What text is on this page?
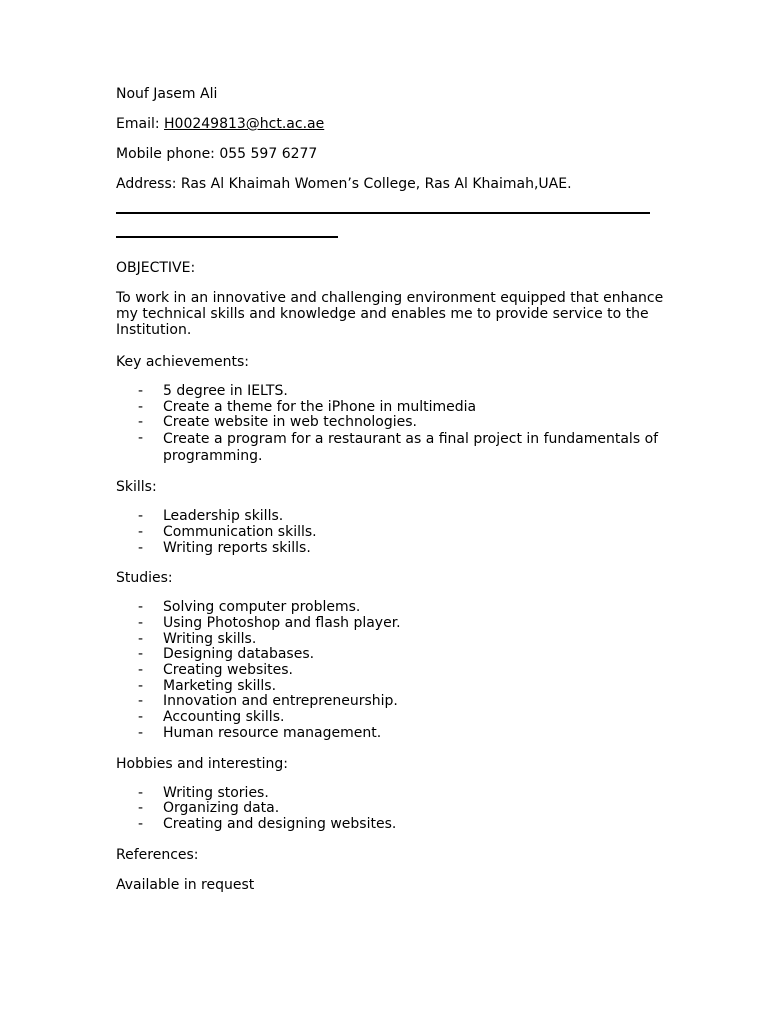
Nouf Jasem Ali

Email: H00249813@hct.ac.ae

Mobile phone: 055 597 6277

Address: Ras Al Khaimah Women’s College, Ras Al Khaimah,UAE.

OBJECTIVE:

To work in an innovative and challenging environment equipped that enhance my technical skills and knowledge and enables me to provide service to the Institution.

Key achievements:

- 5 degree in IELTS.
- Create a theme for the iPhone in multimedia
- Create website in web technologies.
- Create a program for a restaurant as a final project in fundamentals of programming.

Skills:

- Leadership skills.
- Communication skills.
- Writing reports skills.

Studies:

- Solving computer problems.
- Using Photoshop and flash player.
- Writing skills.
- Designing databases.
- Creating websites.
- Marketing skills.
- Innovation and entrepreneurship.
- Accounting skills.
- Human resource management.

Hobbies and interesting:

- Writing stories.
- Organizing data.
- Creating and designing websites.

References:

Available in request
